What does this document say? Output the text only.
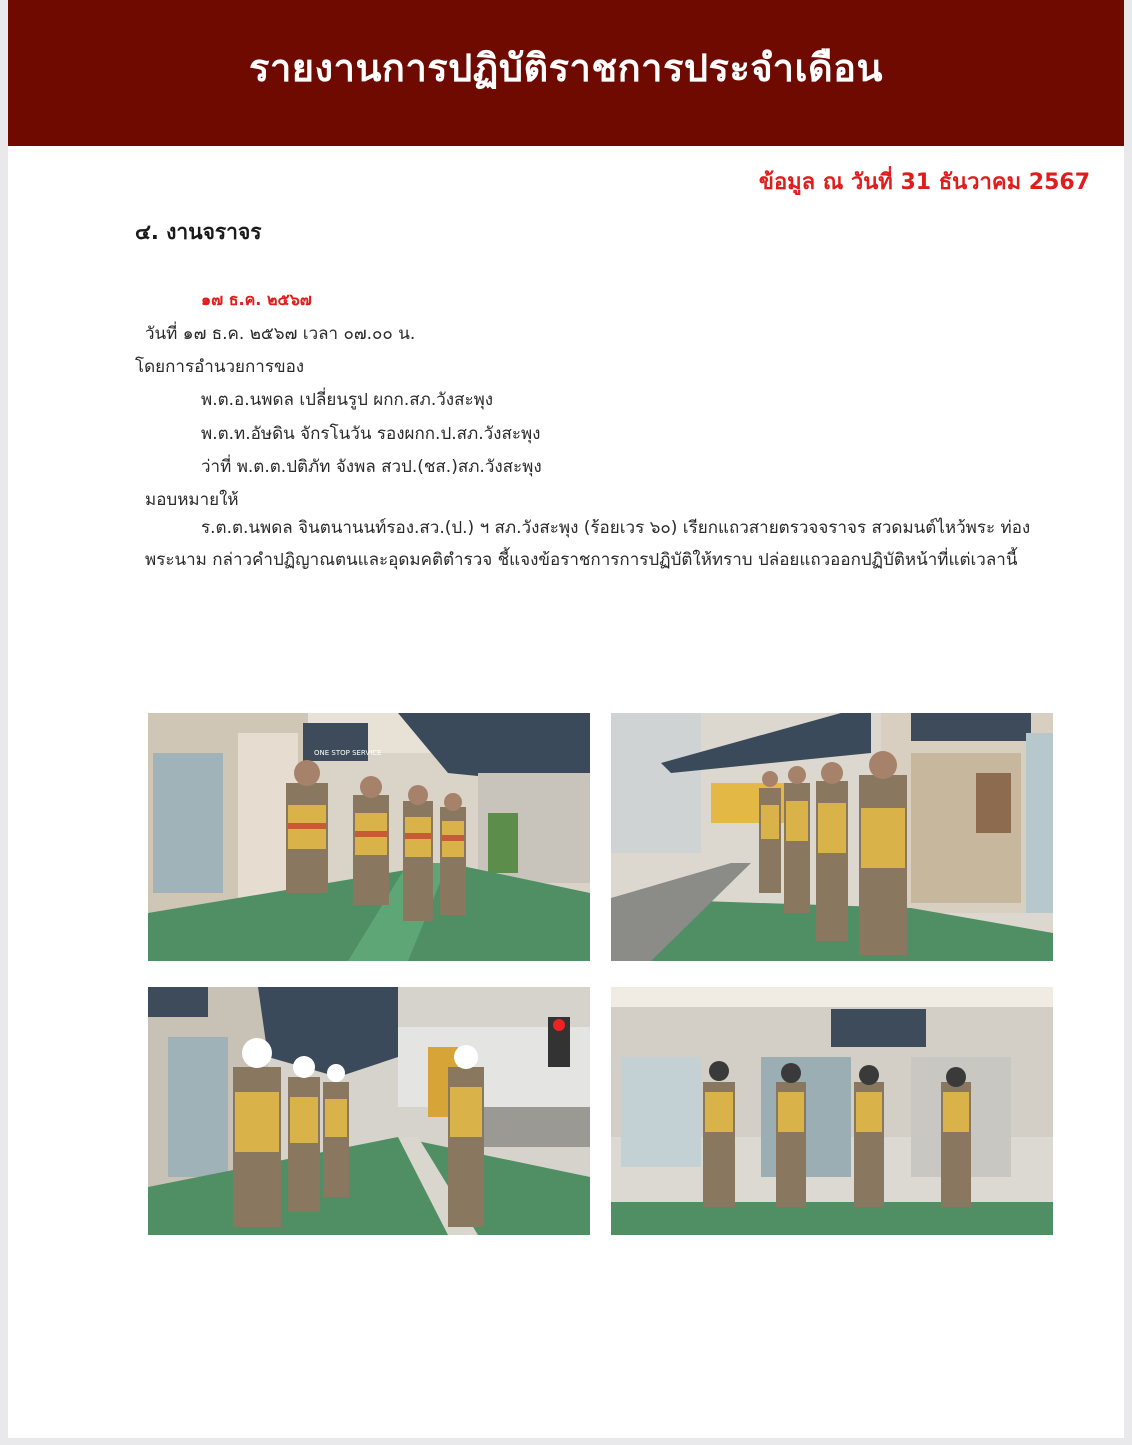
รายงานการปฏิบัติราชการประจำเดือน
ข้อมูล ณ วันที่ 31 ธันวาคม 2567
๔. งานจราจร
๑๗ ธ.ค. ๒๕๖๗
วันที่ ๑๗ ธ.ค. ๒๕๖๗ เวลา ๐๗.๐๐ น.
โดยการอำนวยการของ
พ.ต.อ.นพดล เปลี่ยนรูป ผกก.สภ.วังสะพุง
พ.ต.ท.อัษดิน จักรโนวัน รองผกก.ป.สภ.วังสะพุง
ว่าที่ พ.ต.ต.ปติภัท จังพล สวป.(ชส.)สภ.วังสะพุง
มอบหมายให้
ร.ต.ต.นพดล จินตนานนท์รอง.สว.(ป.) ฯ สภ.วังสะพุง (ร้อยเวร ๖๐) เรียกแถวสายตรวจจราจร สวดมนต์ไหว้พระ ท่องพระนาม กล่าวคำปฏิญาณตนและอุดมคติตำรวจ ชี้แจงข้อราชการการปฏิบัติให้ทราบ ปล่อยแถวออกปฏิบัติหน้าที่แต่เวลานี้
ONE STOP SERVICE
